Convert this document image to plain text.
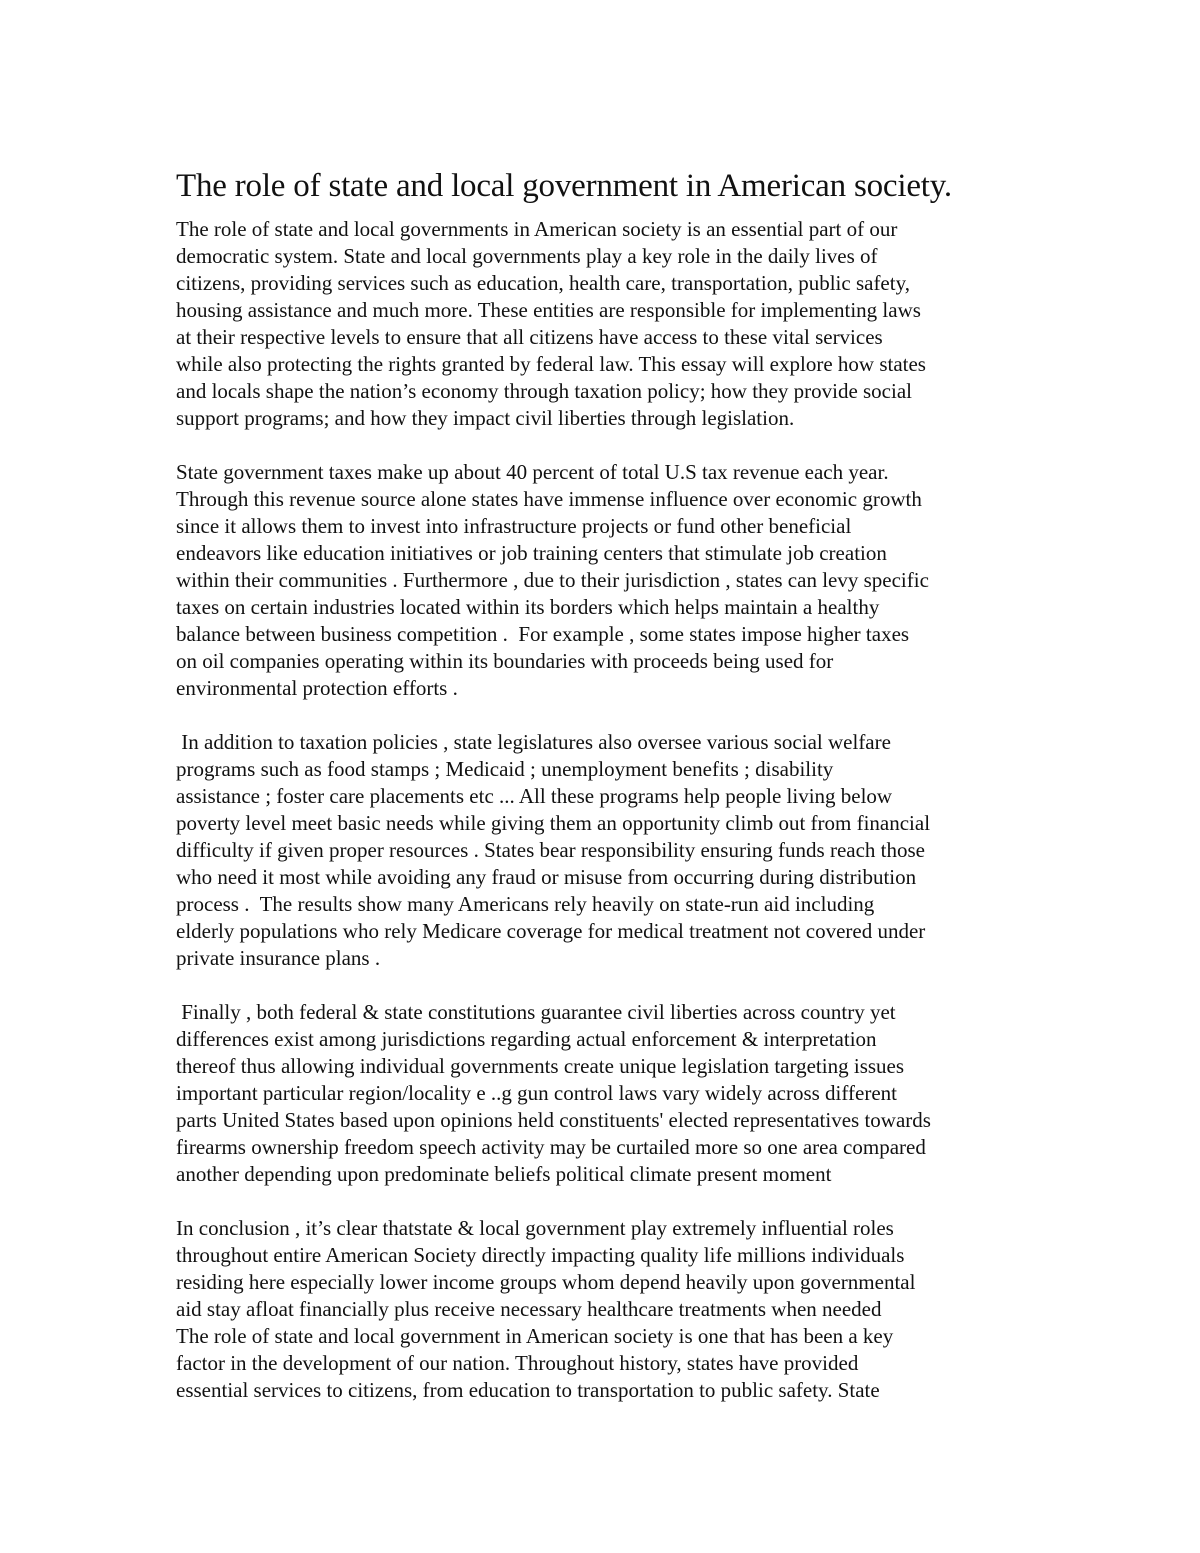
The role of state and local government in American society.

The role of state and local governments in American society is an essential part of our
democratic system. State and local governments play a key role in the daily lives of
citizens, providing services such as education, health care, transportation, public safety,
housing assistance and much more. These entities are responsible for implementing laws
at their respective levels to ensure that all citizens have access to these vital services
while also protecting the rights granted by federal law. This essay will explore how states
and locals shape the nation’s economy through taxation policy; how they provide social
support programs; and how they impact civil liberties through legislation.

State government taxes make up about 40 percent of total U.S tax revenue each year.
Through this revenue source alone states have immense influence over economic growth
since it allows them to invest into infrastructure projects or fund other beneficial
endeavors like education initiatives or job training centers that stimulate job creation
within their communities . Furthermore , due to their jurisdiction , states can levy specific
taxes on certain industries located within its borders which helps maintain a healthy
balance between business competition .  For example , some states impose higher taxes
on oil companies operating within its boundaries with proceeds being used for
environmental protection efforts .

In addition to taxation policies , state legislatures also oversee various social welfare
programs such as food stamps ; Medicaid ; unemployment benefits ; disability
assistance ; foster care placements etc ... All these programs help people living below
poverty level meet basic needs while giving them an opportunity climb out from financial
difficulty if given proper resources . States bear responsibility ensuring funds reach those
who need it most while avoiding any fraud or misuse from occurring during distribution
process .  The results show many Americans rely heavily on state-run aid including
elderly populations who rely Medicare coverage for medical treatment not covered under
private insurance plans .

Finally , both federal & state constitutions guarantee civil liberties across country yet
differences exist among jurisdictions regarding actual enforcement & interpretation
thereof thus allowing individual governments create unique legislation targeting issues
important particular region/locality e ..g gun control laws vary widely across different
parts United States based upon opinions held constituents' elected representatives towards
firearms ownership freedom speech activity may be curtailed more so one area compared
another depending upon predominate beliefs political climate present moment

In conclusion , it’s clear thatstate & local government play extremely influential roles
throughout entire American Society directly impacting quality life millions individuals
residing here especially lower income groups whom depend heavily upon governmental
aid stay afloat financially plus receive necessary healthcare treatments when needed
The role of state and local government in American society is one that has been a key
factor in the development of our nation. Throughout history, states have provided
essential services to citizens, from education to transportation to public safety. State
